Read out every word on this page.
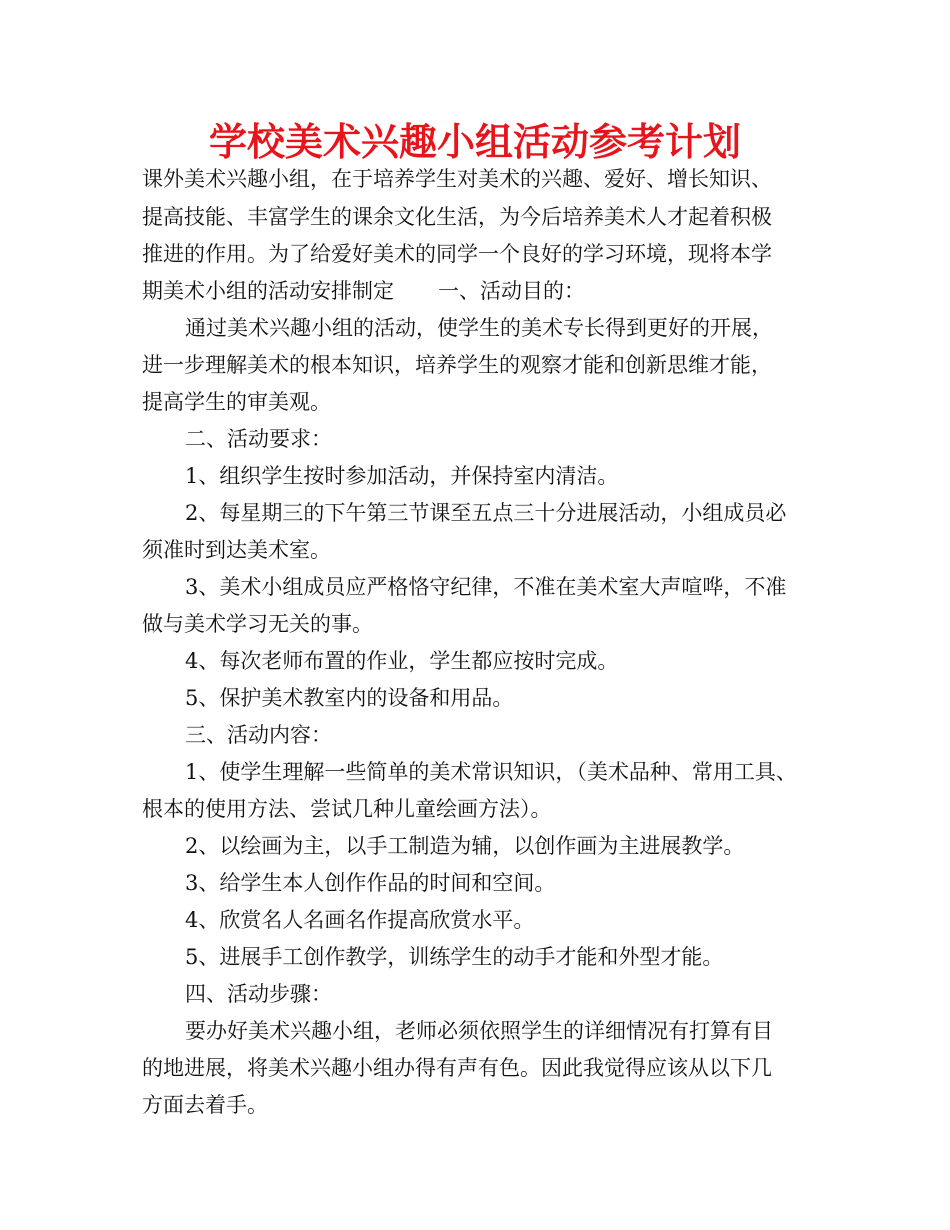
学校美术兴趣小组活动参考计划
课外美术兴趣小组，在于培养学生对美术的兴趣、爱好、增长知识、
提高技能、丰富学生的课余文化生活，为今后培养美术人才起着积极
推进的作用。为了给爱好美术的同学一个良好的学习环境，现将本学
期美术小组的活动安排制定 一、活动目的：
通过美术兴趣小组的活动，使学生的美术专长得到更好的开展，
进一步理解美术的根本知识，培养学生的观察才能和创新思维才能，
提高学生的审美观。
二、活动要求：
1、组织学生按时参加活动，并保持室内清洁。
2、每星期三的下午第三节课至五点三十分进展活动，小组成员必
须准时到达美术室。
3、美术小组成员应严格恪守纪律，不准在美术室大声喧哗，不准
做与美术学习无关的事。
4、每次老师布置的作业，学生都应按时完成。
5、保护美术教室内的设备和用品。
三、活动内容：
1、使学生理解一些简单的美术常识知识，（美术品种、常用工具、
根本的使用方法、尝试几种儿童绘画方法）。
2、以绘画为主，以手工制造为辅，以创作画为主进展教学。
3、给学生本人创作作品的时间和空间。
4、欣赏名人名画名作提高欣赏水平。
5、进展手工创作教学，训练学生的动手才能和外型才能。
四、活动步骤：
要办好美术兴趣小组，老师必须依照学生的详细情况有打算有目
的地进展，将美术兴趣小组办得有声有色。因此我觉得应该从以下几
方面去着手。
